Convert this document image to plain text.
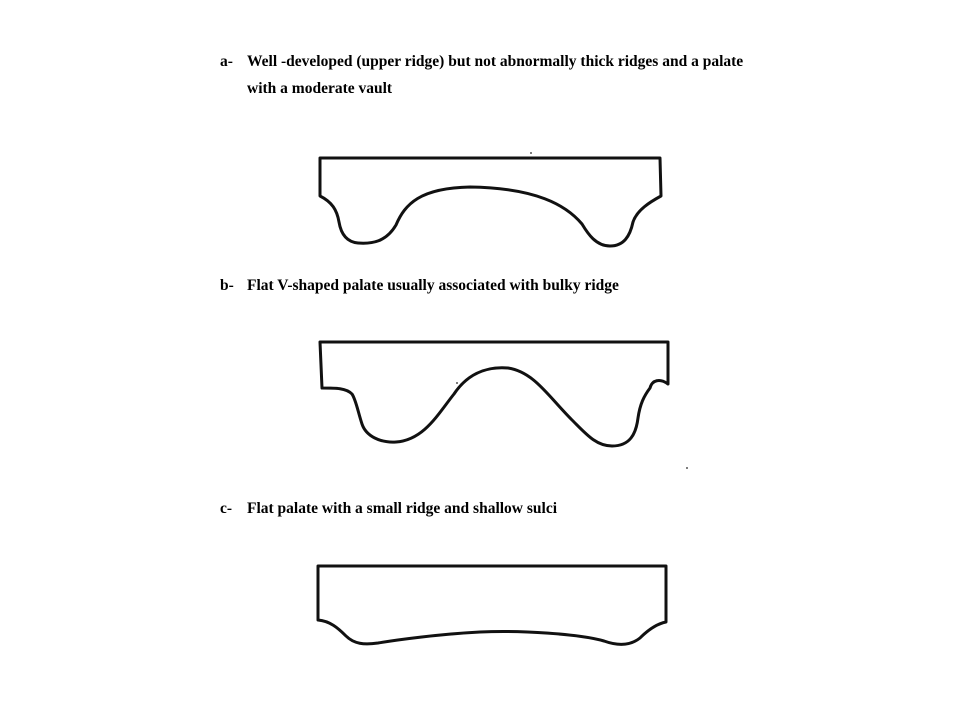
a- Well -developed (upper ridge) but not abnormally thick ridges and a palate
with a moderate vault
b- Flat V-shaped palate usually associated with bulky ridge
c- Flat palate with a small ridge and shallow sulci
